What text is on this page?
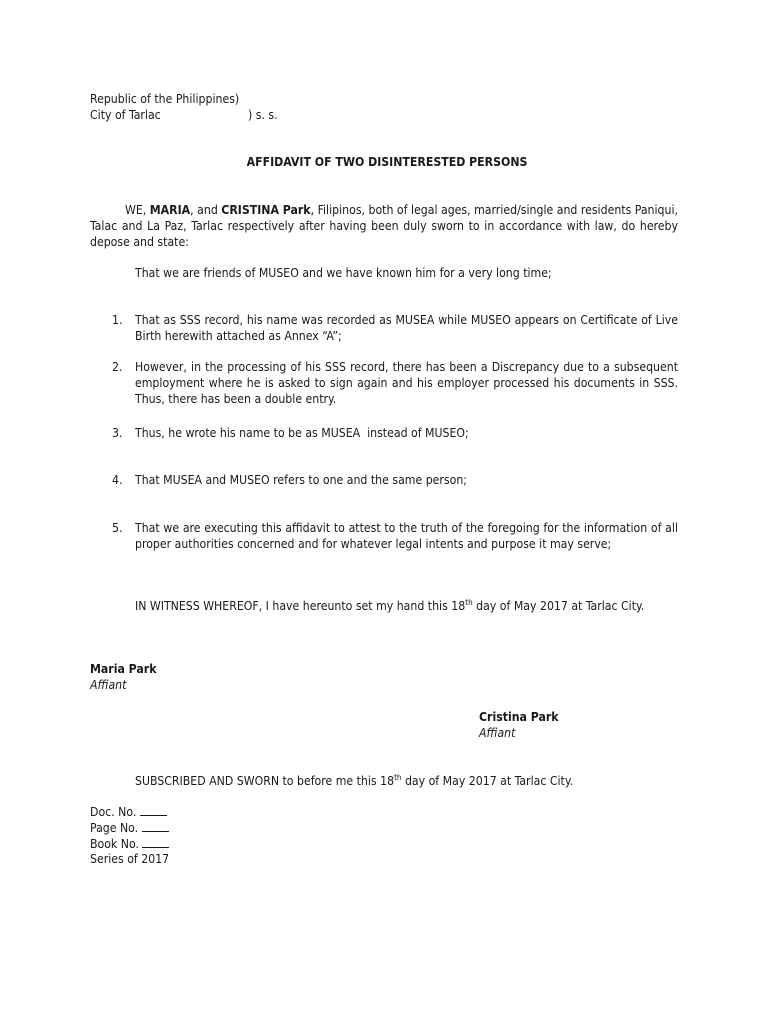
Republic of the Philippines)
City of Tarlac	) s. s.
AFFIDAVIT OF TWO DISINTERESTED PERSONS
WE, MARIA, and CRISTINA Park, Filipinos, both of legal ages, married/single and residents Paniqui, Talac and La Paz, Tarlac respectively after having been duly sworn to in accordance with law, do hereby depose and state:
That we are friends of MUSEO and we have known him for a very long time;
1. That as SSS record, his name was recorded as MUSEA while MUSEO appears on Certificate of Live Birth herewith attached as Annex “A”;
2. However, in the processing of his SSS record, there has been a Discrepancy due to a subsequent employment where he is asked to sign again and his employer processed his documents in SSS. Thus, there has been a double entry.
3. Thus, he wrote his name to be as MUSEA  instead of MUSEO;
4. That MUSEA and MUSEO refers to one and the same person;
5. That we are executing this affidavit to attest to the truth of the foregoing for the information of all proper authorities concerned and for whatever legal intents and purpose it may serve;
IN WITNESS WHEREOF, I have hereunto set my hand this 18th day of May 2017 at Tarlac City.
Maria Park
Affiant
Cristina Park
Affiant
SUBSCRIBED AND SWORN to before me this 18th day of May 2017 at Tarlac City.
Doc. No.
Page No.
Book No.
Series of 2017
